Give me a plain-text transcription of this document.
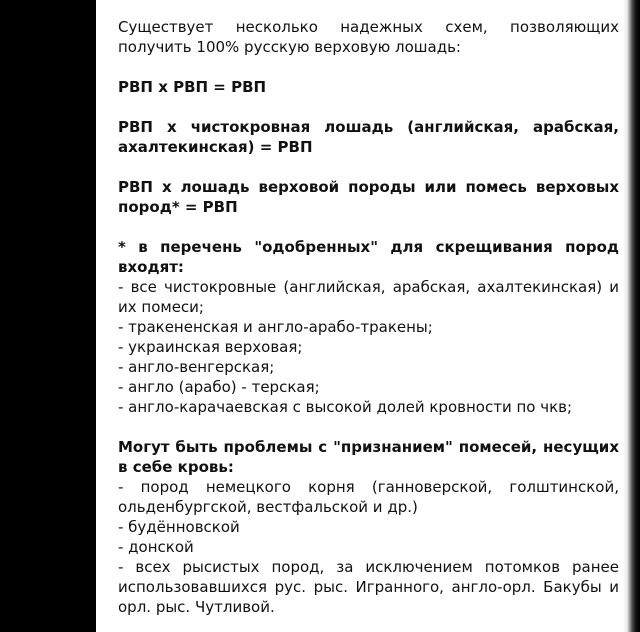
Существует несколько надежных схем, позволяющих получить 100% русскую верховую лошадь:

РВП х РВП = РВП

РВП х чистокровная лошадь (английская, арабская, ахалтекинская) = РВП

РВП х лошадь верховой породы или помесь верховых пород* = РВП

* в перечень "одобренных" для скрещивания пород входят:

- все чистокровные (английская, арабская, ахалтекинская) и их помеси;

- тракененская и англо-арабо-тракены;

- украинская верховая;

- англо-венгерская;

- англо (арабо) - терская;

- англо-карачаевская с высокой долей кровности по чкв;

Могут быть проблемы с "признанием" помесей, несущих в себе кровь:

- пород немецкого корня (ганноверской, голштинской, ольденбургской, вестфальской и др.)

- будённовской

- донской

- всех рысистых пород, за исключением потомков ранее использовавшихся рус. рыс. Игранного, англо-орл. Бакубы и орл. рыс. Чутливой.
